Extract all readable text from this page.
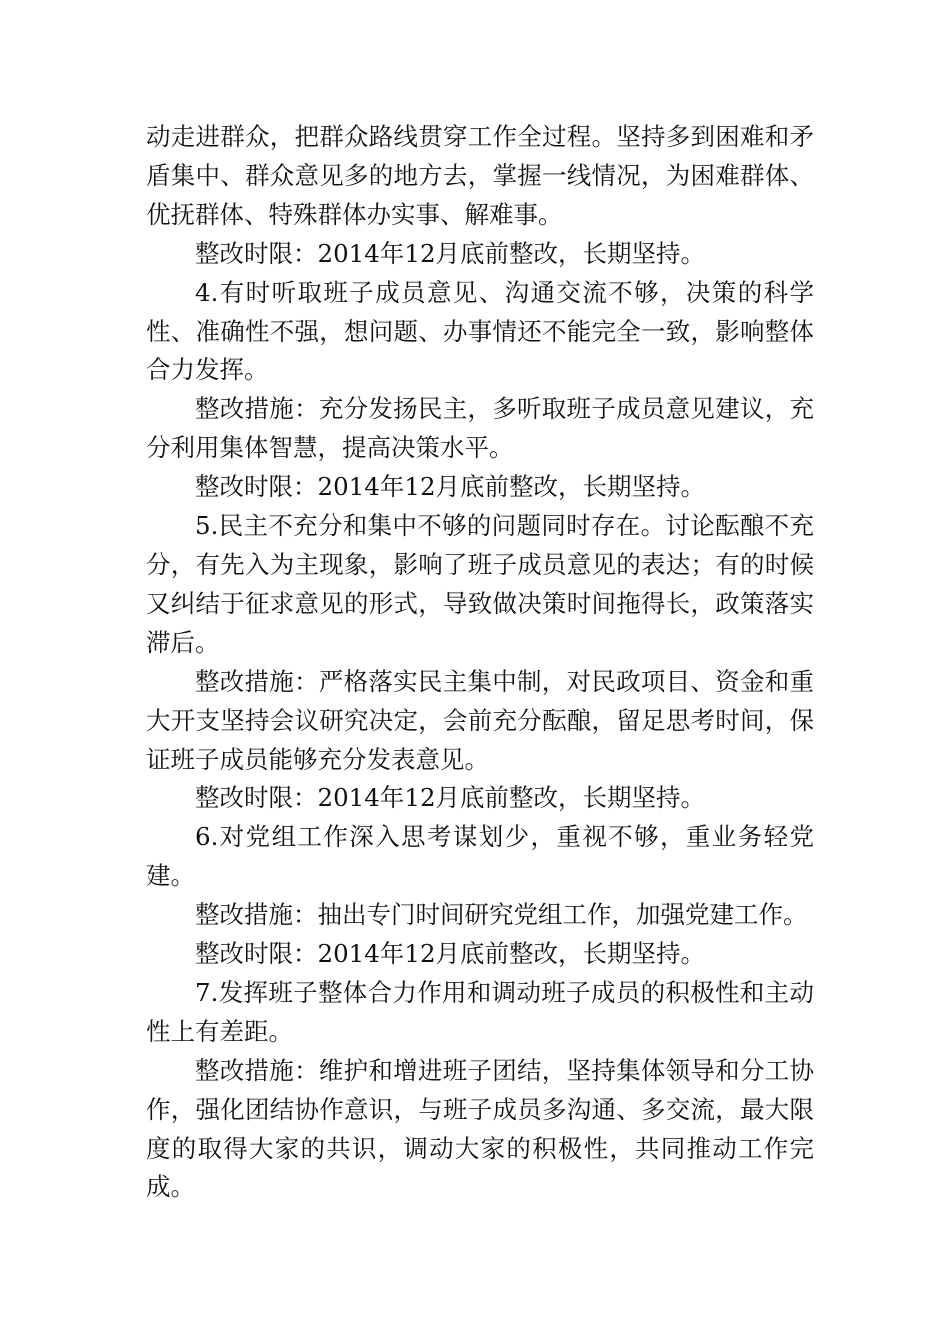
动走进群众，把群众路线贯穿工作全过程。坚持多到困难和矛盾集中、群众意见多的地方去，掌握一线情况，为困难群体、优抚群体、特殊群体办实事、解难事。

整改时限：2014年12月底前整改，长期坚持。

4.有时听取班子成员意见、沟通交流不够，决策的科学性、准确性不强，想问题、办事情还不能完全一致，影响整体合力发挥。

整改措施：充分发扬民主，多听取班子成员意见建议，充分利用集体智慧，提高决策水平。

整改时限：2014年12月底前整改，长期坚持。

5.民主不充分和集中不够的问题同时存在。讨论酝酿不充分，有先入为主现象，影响了班子成员意见的表达；有的时候又纠结于征求意见的形式，导致做决策时间拖得长，政策落实滞后。

整改措施：严格落实民主集中制，对民政项目、资金和重大开支坚持会议研究决定，会前充分酝酿，留足思考时间，保证班子成员能够充分发表意见。

整改时限：2014年12月底前整改，长期坚持。

6.对党组工作深入思考谋划少，重视不够，重业务轻党建。

整改措施：抽出专门时间研究党组工作，加强党建工作。

整改时限：2014年12月底前整改，长期坚持。

7.发挥班子整体合力作用和调动班子成员的积极性和主动性上有差距。

整改措施：维护和增进班子团结，坚持集体领导和分工协作，强化团结协作意识，与班子成员多沟通、多交流，最大限度的取得大家的共识，调动大家的积极性，共同推动工作完成。
